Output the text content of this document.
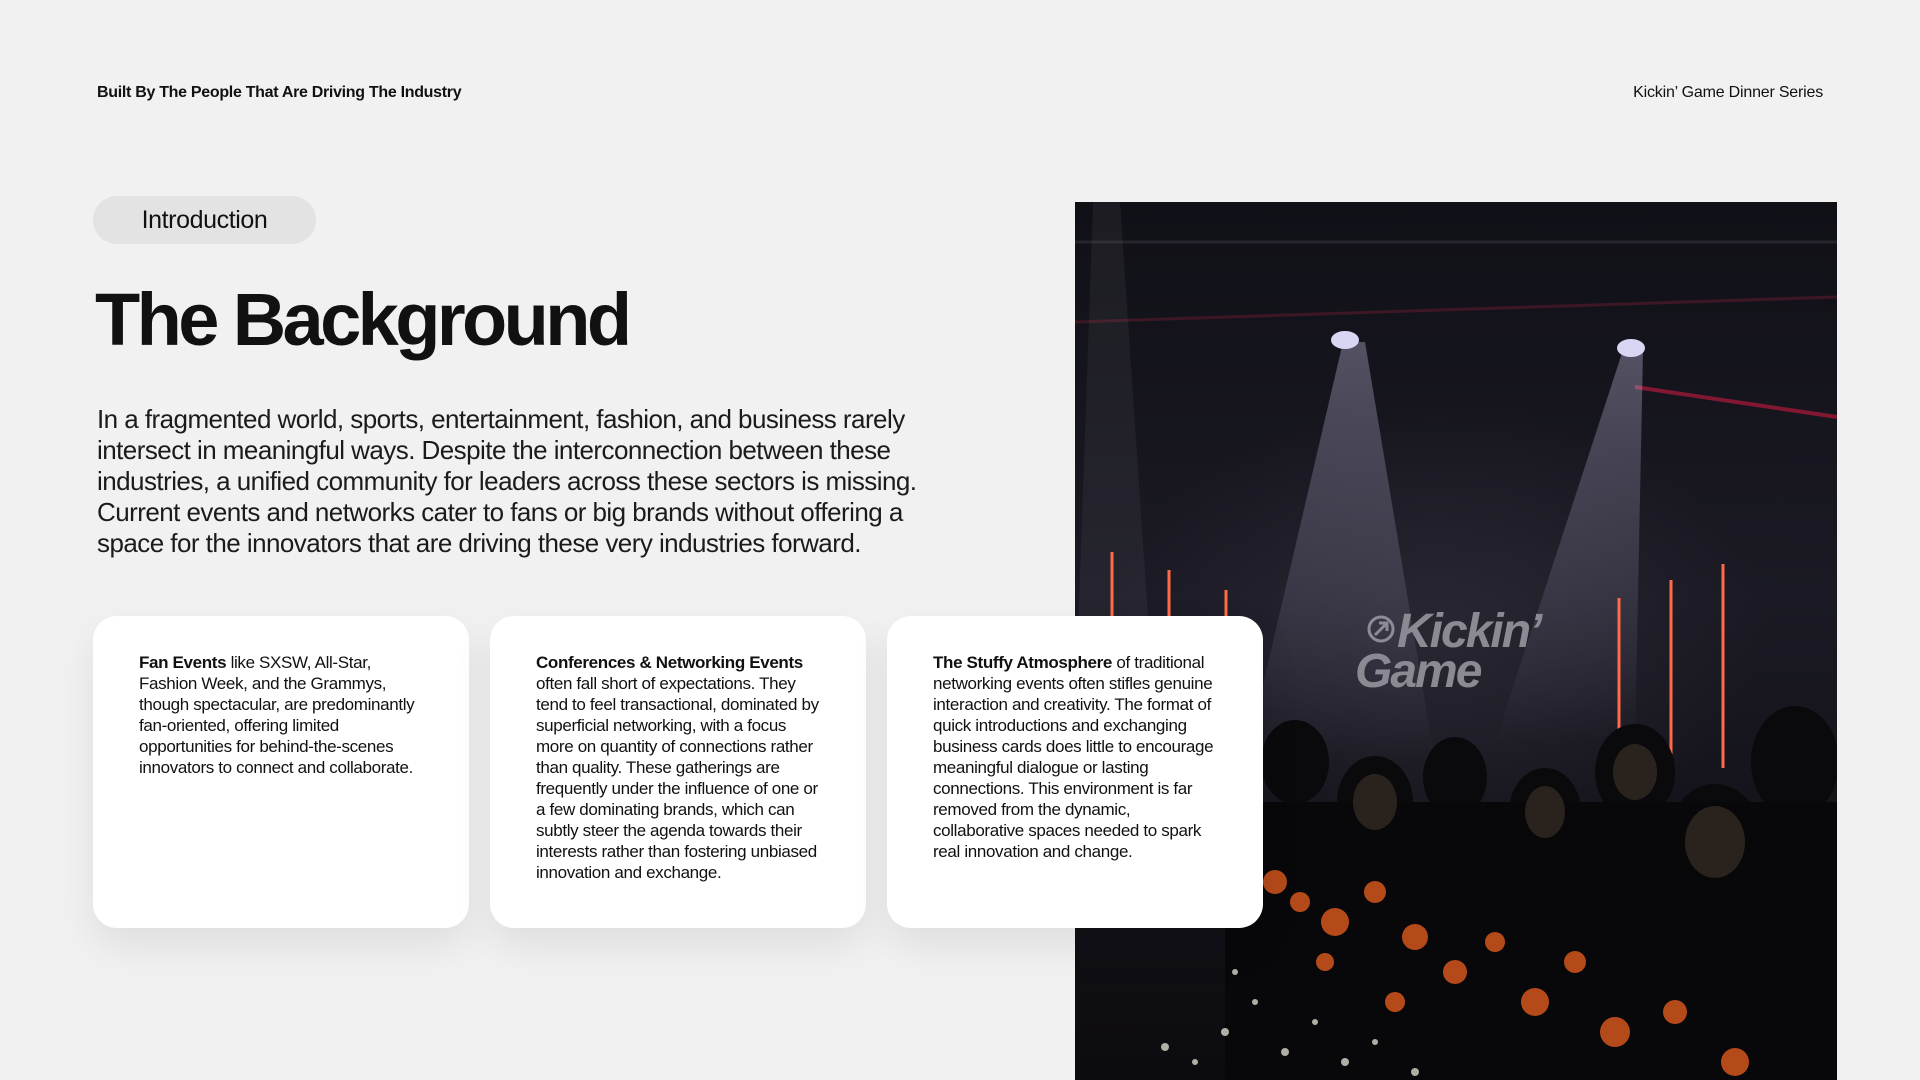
Built By The People That Are Driving The Industry	Kickin’ Game Dinner Series
Introduction
The Background

In a fragmented world, sports, entertainment, fashion, and business rarely intersect in meaningful ways. Despite the interconnection between these industries, a unified community for leaders across these sectors is missing. Current events and networks cater to fans or big brands without offering a space for the innovators that are driving these very industries forward.

Kickin’
Game
Fan Events like SXSW, All-Star, Fashion Week, and the Grammys, though spectacular, are predominantly fan-oriented, offering limited opportunities for behind-the-scenes innovators to connect and collaborate.
Conferences & Networking Events often fall short of expectations. They tend to feel transactional, dominated by superficial networking, with a focus more on quantity of connections rather than quality. These gatherings are frequently under the influence of one or a few dominating brands, which can subtly steer the agenda towards their interests rather than fostering unbiased innovation and exchange.
The Stuffy Atmosphere of traditional networking events often stifles genuine interaction and creativity. The format of quick introductions and exchanging business cards does little to encourage meaningful dialogue or lasting connections. This environment is far removed from the dynamic, collaborative spaces needed to spark real innovation and change.
